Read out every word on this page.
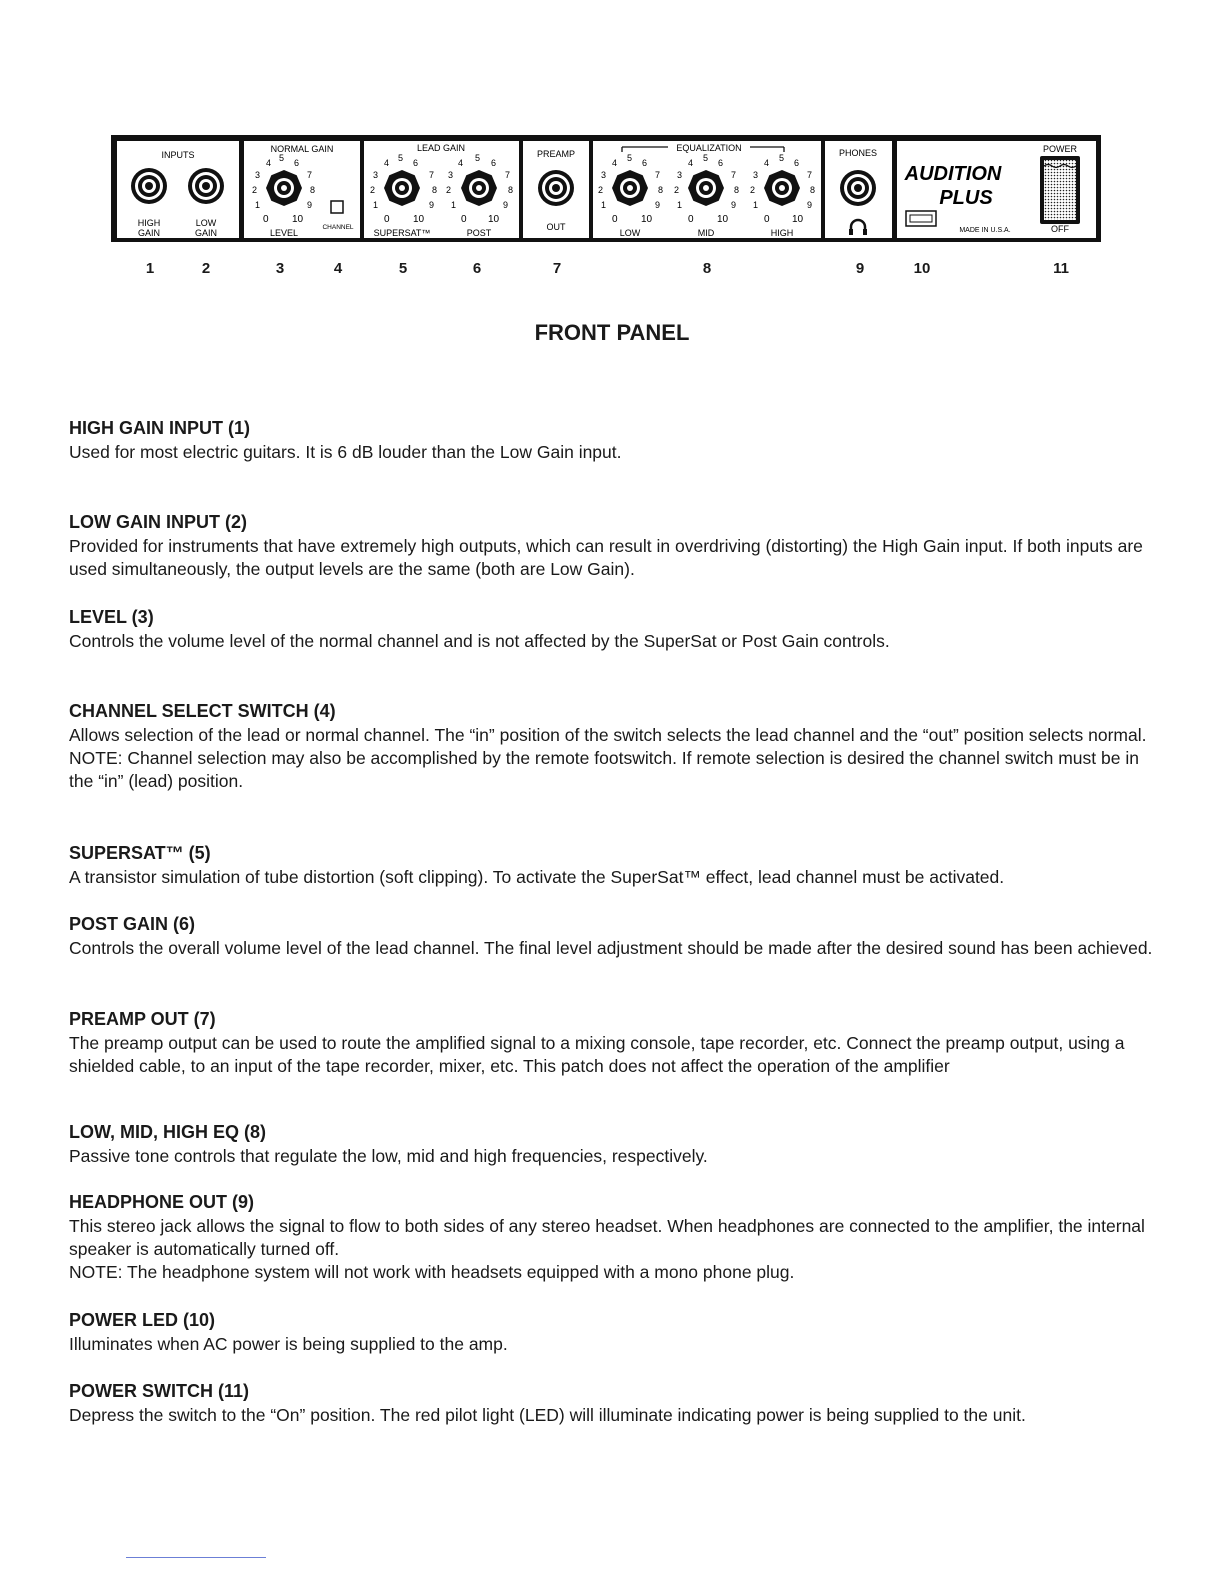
INPUTS
HIGH
GAIN
LOW
GAIN
NORMAL GAIN
4 5 6
3	7
2	8
1	9
0 10
LEVEL
CHANNEL
LEAD GAIN
4 5 6
3	7
2	8
1	9
4 5 6
3	7
2	8
1	9
0 10	0 10
SUPERSAT™	POST
PREAMP
OUT
EQUALIZATION
4 5 6
3	7
2	8
1	9
0 10
4 5 6
3	7
2	8
1	9
0 10
4 5 6
3	7
2	8
1	9
0 10
LOW	MID	HIGH
PHONES
AUDITION
PLUS
MADE IN U.S.A.
POWER
OFF
1	2	3	4	5	6	7	8	9	10	11
FRONT PANEL
HIGH GAIN INPUT (1)

Used for most electric guitars. It is 6 dB louder than the Low Gain input.

LOW GAIN INPUT (2)

Provided for instruments that have extremely high outputs, which can result in overdriving (distorting) the High Gain input. If both inputs are used simultaneously, the output levels are the same (both are Low Gain).

LEVEL (3)

Controls the volume level of the normal channel and is not affected by the SuperSat or Post Gain controls.

CHANNEL SELECT SWITCH (4)

Allows selection of the lead or normal channel. The “in” position of the switch selects the lead channel and the “out” position selects normal.

NOTE: Channel selection may also be accomplished by the remote footswitch. If remote selection is desired the channel switch must be in the “in” (lead) position.

SUPERSAT™ (5)

A transistor simulation of tube distortion (soft clipping). To activate the SuperSat™ effect, lead channel must be activated.

POST GAIN (6)

Controls the overall volume level of the lead channel. The final level adjustment should be made after the desired sound has been achieved.

PREAMP OUT (7)

The preamp output can be used to route the amplified signal to a mixing console, tape recorder, etc. Connect the preamp output, using a shielded cable, to an input of the tape recorder, mixer, etc. This patch does not affect the operation of the amplifier

LOW, MID, HIGH EQ (8)

Passive tone controls that regulate the low, mid and high frequencies, respectively.

HEADPHONE OUT (9)

This stereo jack allows the signal to flow to both sides of any stereo headset. When headphones are connected to the amplifier, the internal speaker is automatically turned off.

NOTE: The headphone system will not work with headsets equipped with a mono phone plug.

POWER LED (10)

Illuminates when AC power is being supplied to the amp.

POWER SWITCH (11)

Depress the switch to the “On” position. The red pilot light (LED) will illuminate indicating power is being supplied to the unit.
